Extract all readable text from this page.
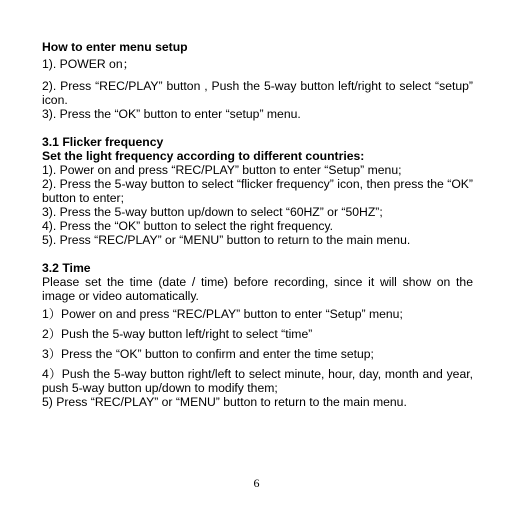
How to enter menu setup

1). POWER on；

2). Press “REC/PLAY” button , Push the 5-way button left/right to select “setup” icon.

3). Press the “OK” button to enter “setup” menu.

3.1 Flicker frequency

Set the light frequency according to different countries:

1). Power on and press “REC/PLAY” button to enter “Setup” menu;

2). Press the 5-way button to select “flicker frequency” icon, then press the “OK” button to enter;

3). Press the 5-way button up/down to select “60HZ” or “50HZ”;

4). Press the “OK” button to select the right frequency.

5). Press “REC/PLAY” or “MENU” button to return to the main menu.

3.2 Time

Please set the time (date / time) before recording, since it will show on the image or video automatically.

1）Power on and press “REC/PLAY” button to enter “Setup” menu;

2）Push the 5-way button left/right to select “time”

3）Press the “OK” button to confirm and enter the time setup;

4）Push the 5-way button right/left to select minute, hour, day, month and year, push 5-way button up/down to modify them;

5) Press “REC/PLAY” or “MENU” button to return to the main menu.

6
